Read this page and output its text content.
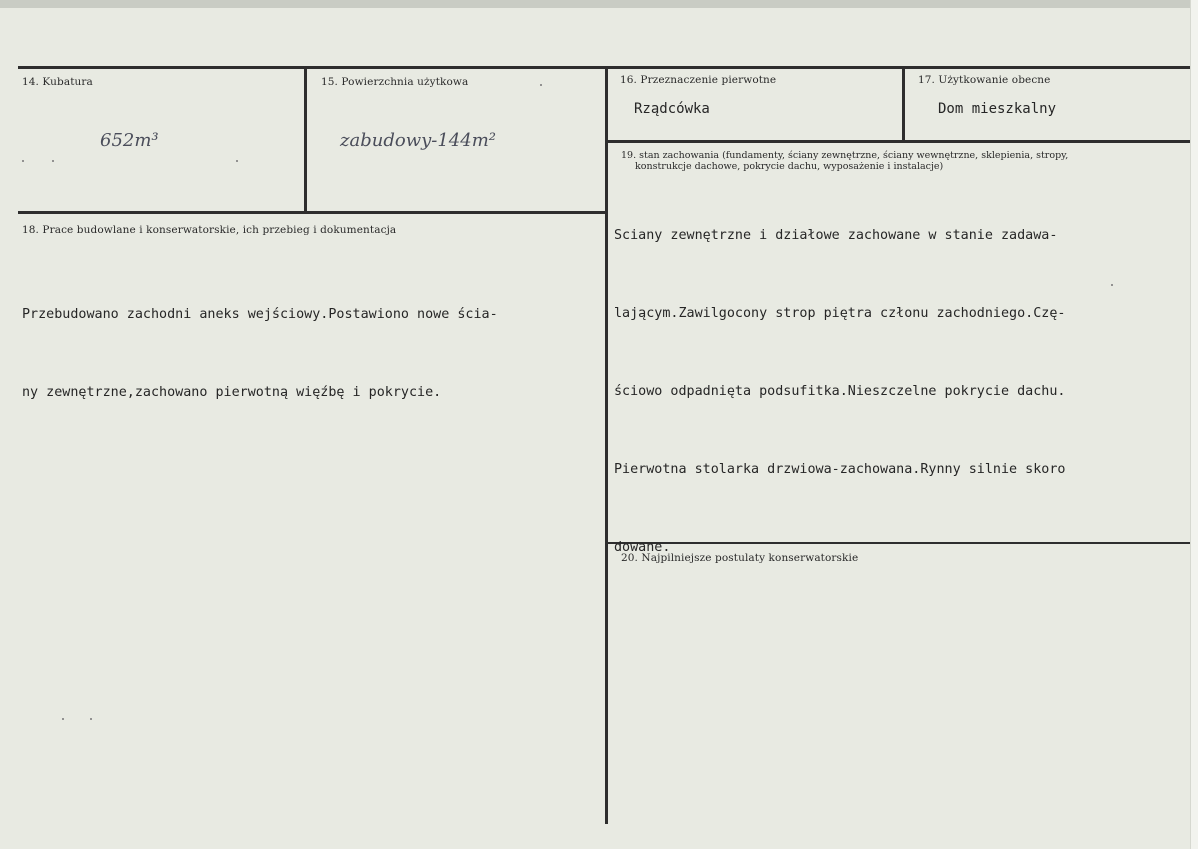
14. Kubatura
652m³
15. Powierzchnia użytkowa
zabudowy-144m²
16. Przeznaczenie pierwotne
Rządcówka
17. Użytkowanie obecne
Dom mieszkalny
18. Prace budowlane i konserwatorskie, ich przebieg i dokumentacja

Przebudowano zachodni aneks wejściowy.Postawiono nowe ścia-

ny zewnętrzne,zachowano pierwotną więźbę i pokrycie.

19. stan zachowania (fundamenty, ściany zewnętrzne, ściany wewnętrzne, sklepienia, stropy,
konstrukcje dachowe, pokrycie dachu, wyposażenie i instalacje)

Sciany zewnętrzne i działowe zachowane w stanie zadawa-

lającym.Zawilgocony strop piętra członu zachodniego.Czę-

ściowo odpadnięta podsufitka.Nieszczelne pokrycie dachu.

Pierwotna stolarka drzwiowa-zachowana.Rynny silnie skoro

dowane.

20. Najpilniejsze postulaty konserwatorskie
